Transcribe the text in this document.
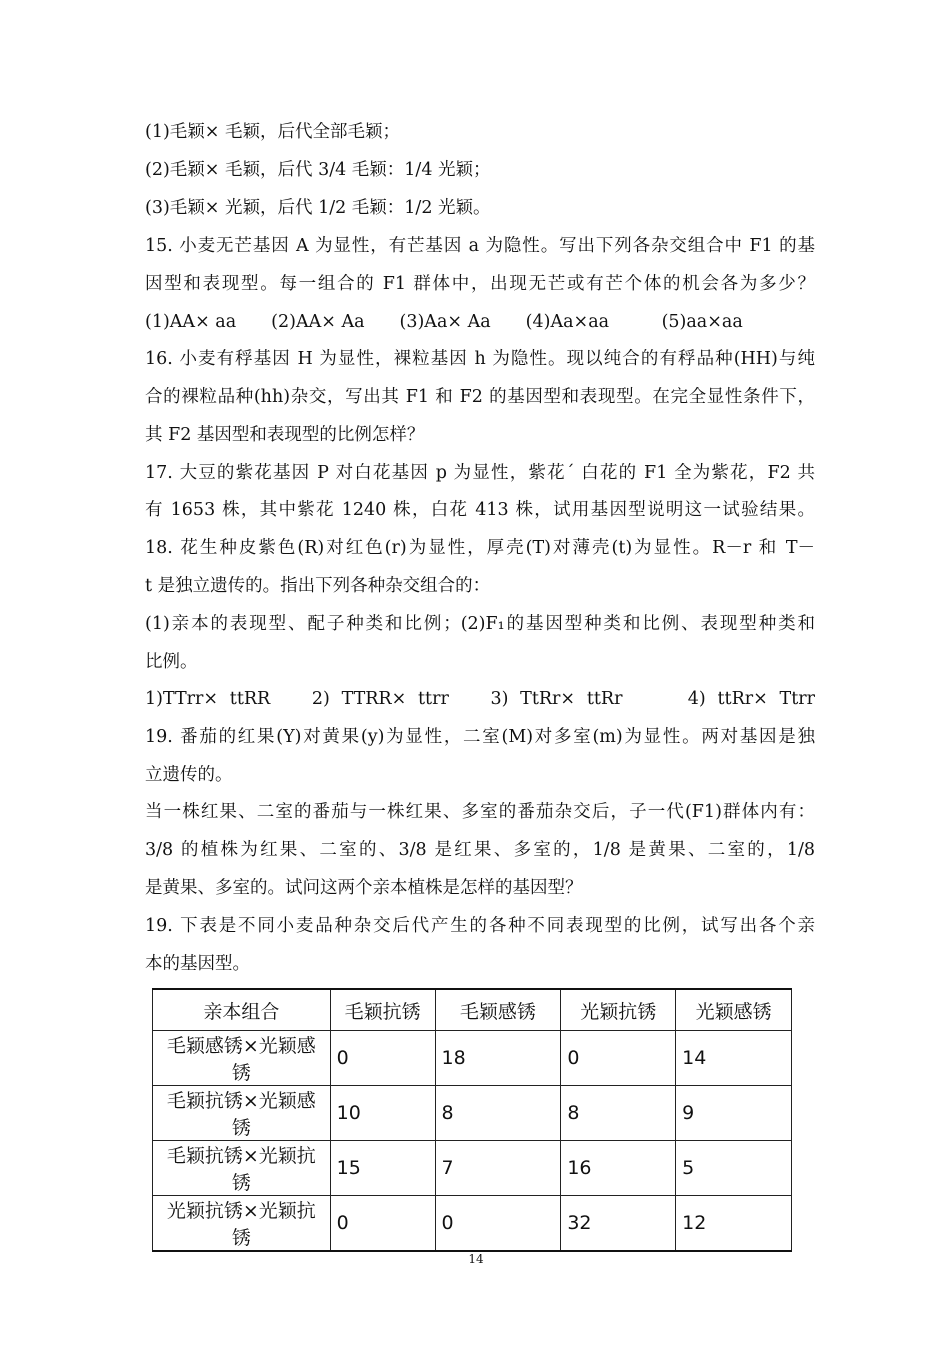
(1)毛颖× 毛颖，后代全部毛颖；
(2)毛颖× 毛颖，后代 3/4 毛颖：1/4 光颖；
(3)毛颖× 光颖，后代 1/2 毛颖：1/2 光颖。
15. 小麦无芒基因 A 为显性，有芒基因 a 为隐性。写出下列各杂交组合中 F1 的基
因型和表现型。每一组合的 F1 群体中，出现无芒或有芒个体的机会各为多少？
(1)AA× aa　　(2)AA× Aa　　(3)Aa× Aa　　(4)Aa×aa　　　(5)aa×aa
16. 小麦有稃基因 H 为显性，裸粒基因 h 为隐性。现以纯合的有稃品种(HH)与纯
合的裸粒品种(hh)杂交，写出其 F1 和 F2 的基因型和表现型。在完全显性条件下，
其 F2 基因型和表现型的比例怎样？
17. 大豆的紫花基因 P 对白花基因 p 为显性，紫花´ 白花的 F1 全为紫花，F2 共
有 1653 株，其中紫花 1240 株，白花 413 株，试用基因型说明这一试验结果。
18. 花生种皮紫色(R)对红色(r)为显性，厚壳(T)对薄壳(t)为显性。R－r 和 T－
t 是独立遗传的。指出下列各种杂交组合的：
(1)亲本的表现型、配子种类和比例；(2)F₁的基因型种类和比例、表现型种类和
比例。
1)TTrr× ttRR　 2) TTRR× ttrr　 3) TtRr× ttRr　　 4) ttRr× Ttrr
19. 番茄的红果(Y)对黄果(y)为显性，二室(M)对多室(m)为显性。两对基因是独
立遗传的。
当一株红果、二室的番茄与一株红果、多室的番茄杂交后，子一代(F1)群体内有：
3/8 的植株为红果、二室的、3/8 是红果、多室的，1/8 是黄果、二室的，1/8
是黄果、多室的。试问这两个亲本植株是怎样的基因型？
19. 下表是不同小麦品种杂交后代产生的各种不同表现型的比例，试写出各个亲
本的基因型。
亲本组合	毛颖抗锈	毛颖感锈	光颖抗锈	光颖感锈
毛颖感锈×光颖感锈	0	18	0	14
毛颖抗锈×光颖感锈	10	8	8	9
毛颖抗锈×光颖抗锈	15	7	16	5
光颖抗锈×光颖抗锈	0	0	32	12
14
